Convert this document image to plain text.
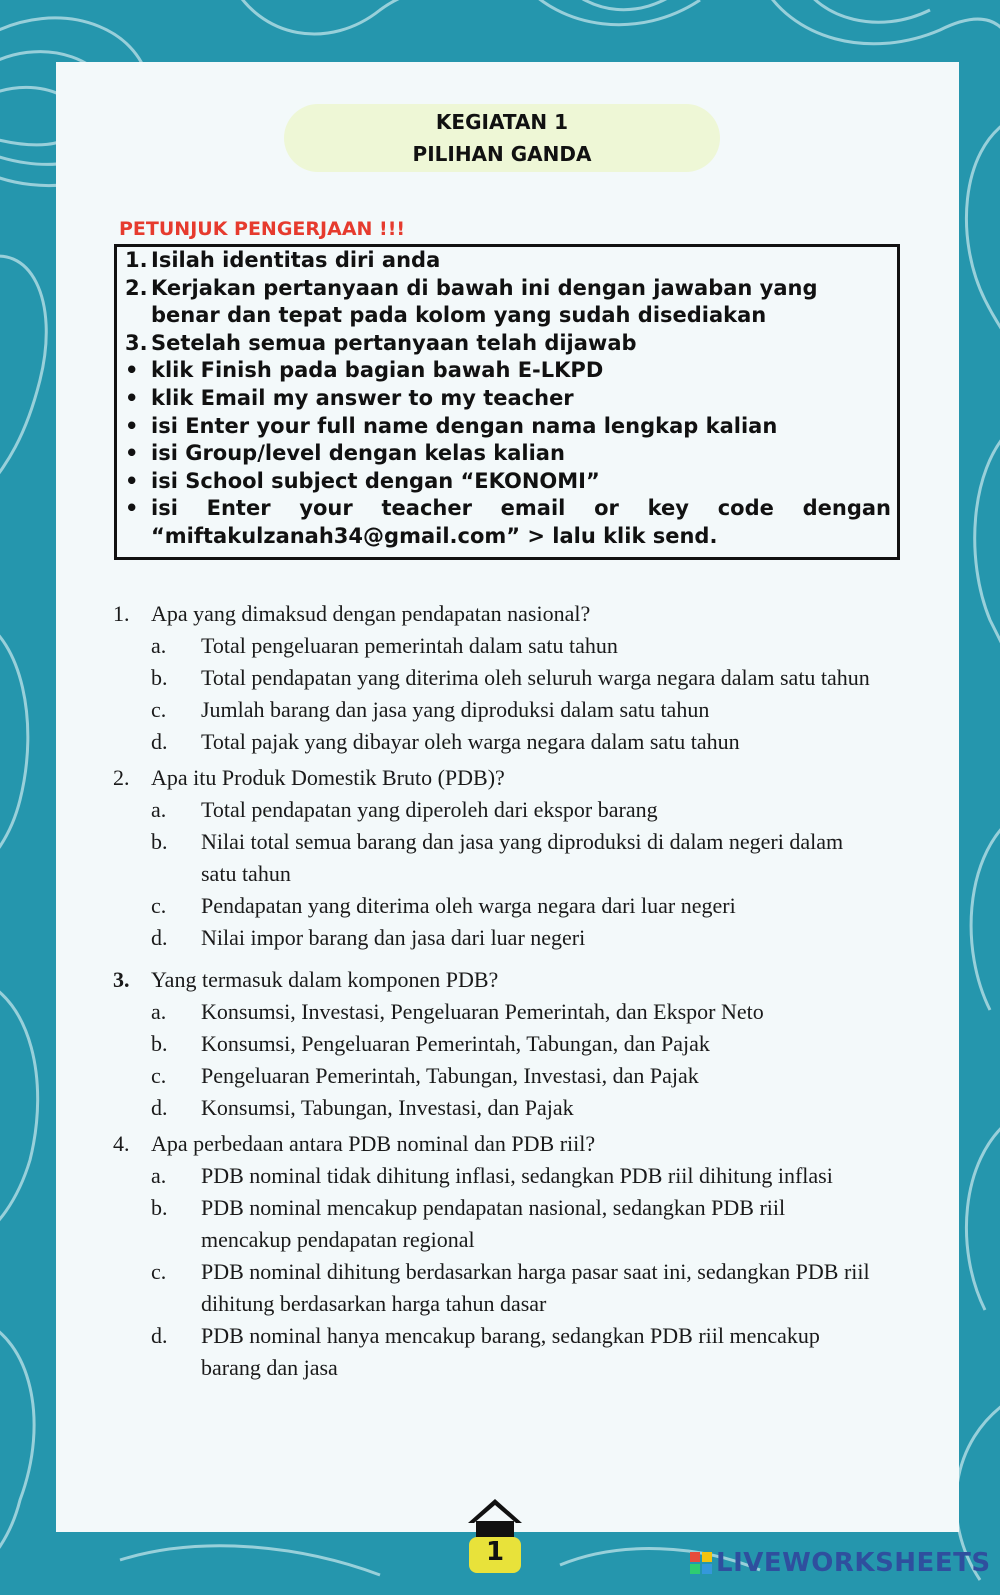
KEGIATAN 1
PILIHAN GANDA
PETUNJUK PENGERJAAN !!!
1. Isilah identitas diri anda
2. Kerjakan pertanyaan di bawah ini dengan jawaban yang benar dan tepat pada kolom yang sudah disediakan
3. Setelah semua pertanyaan telah dijawab
• klik Finish pada bagian bawah E-LKPD
• klik Email my answer to my teacher
• isi Enter your full name dengan nama lengkap kalian
• isi Group/level dengan kelas kalian
• isi School subject dengan “EKONOMI”
• isi Enter your teacher email or key code dengan “miftakulzanah34@gmail.com” > lalu klik send.
1. Apa yang dimaksud dengan pendapatan nasional?
a.	Total pengeluaran pemerintah dalam satu tahun
b.	Total pendapatan yang diterima oleh seluruh warga negara dalam satu tahun
c.	Jumlah barang dan jasa yang diproduksi dalam satu tahun
d.	Total pajak yang dibayar oleh warga negara dalam satu tahun
2. Apa itu Produk Domestik Bruto (PDB)?
a.	Total pendapatan yang diperoleh dari ekspor barang
b.	Nilai total semua barang dan jasa yang diproduksi di dalam negeri dalam satu tahun
c.	Pendapatan yang diterima oleh warga negara dari luar negeri
d.	Nilai impor barang dan jasa dari luar negeri
3. Yang termasuk dalam komponen PDB?
a.	Konsumsi, Investasi, Pengeluaran Pemerintah, dan Ekspor Neto
b.	Konsumsi, Pengeluaran Pemerintah, Tabungan, dan Pajak
c.	Pengeluaran Pemerintah, Tabungan, Investasi, dan Pajak
d.	Konsumsi, Tabungan, Investasi, dan Pajak
4. Apa perbedaan antara PDB nominal dan PDB riil?
a.	PDB nominal tidak dihitung inflasi, sedangkan PDB riil dihitung inflasi
b.	PDB nominal mencakup pendapatan nasional, sedangkan PDB riil mencakup pendapatan regional
c.	PDB nominal dihitung berdasarkan harga pasar saat ini, sedangkan PDB riil dihitung berdasarkan harga tahun dasar
d.	PDB nominal hanya mencakup barang, sedangkan PDB riil mencakup barang dan jasa
1	LIVEWORKSHEETS
